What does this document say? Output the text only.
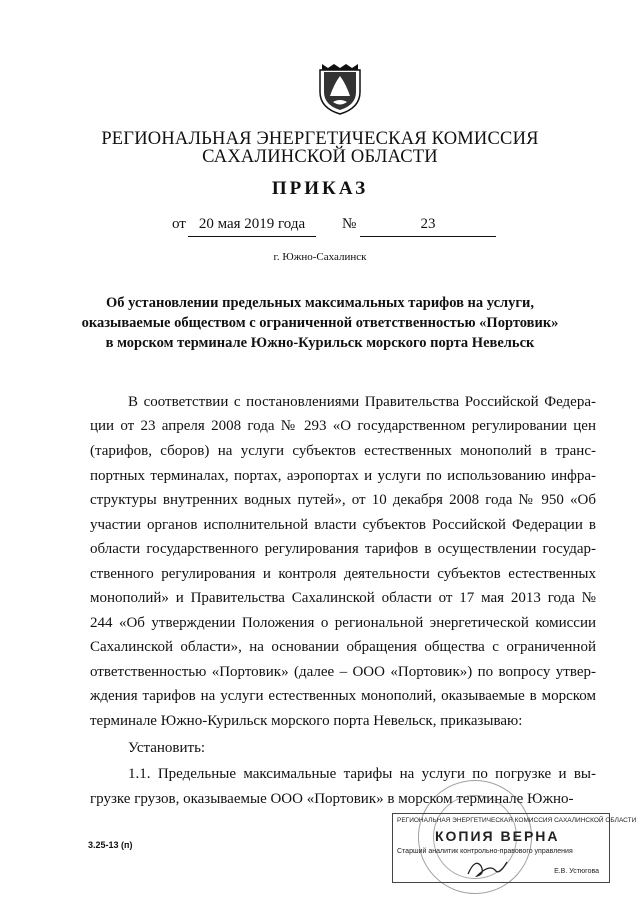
РЕГИОНАЛЬНАЯ ЭНЕРГЕТИЧЕСКАЯ КОМИССИЯ
САХАЛИНСКОЙ ОБЛАСТИ
ПРИКАЗ
от 20 мая 2019 года	№	23
г. Южно-Сахалинск
Об установлении предельных максимальных тарифов на услуги,
оказываемые обществом с ограниченной ответственностью «Портовик»
в морском терминале Южно-Курильск морского порта Невельск
В соответствии с постановлениями Правительства Российской Федера-
ции от 23 апреля 2008 года № 293 «О государственном регулировании цен
(тарифов, сборов) на услуги субъектов естественных монополий в транс-
портных терминалах, портах, аэропортах и услуги по использованию инфра-
структуры внутренних водных путей», от 10 декабря 2008 года № 950 «Об
участии органов исполнительной власти субъектов Российской Федерации в
области государственного регулирования тарифов в осуществлении государ-
ственного регулирования и контроля деятельности субъектов естественных
монополий» и Правительства Сахалинской области от 17 мая 2013 года №
244 «Об утверждении Положения о региональной энергетической комиссии
Сахалинской области», на основании обращения общества с ограниченной
ответственностью «Портовик» (далее – ООО «Портовик») по вопросу утвер-
ждения тарифов на услуги естественных монополий, оказываемые в морском
терминале Южно-Курильск морского порта Невельск, приказываю:
Установить:
1.1. Предельные максимальные тарифы на услуги по погрузке и вы-
грузке грузов, оказываемые ООО «Портовик» в морском терминале Южно-
3.25-13 (п)
РЕГИОНАЛЬНАЯ ЭНЕРГЕТИЧЕСКАЯ КОМИССИЯ САХАЛИНСКОЙ ОБЛАСТИ
КОПИЯ ВЕРНА
Старший аналитик контрольно-правового управления
Е.В. Устюгова
